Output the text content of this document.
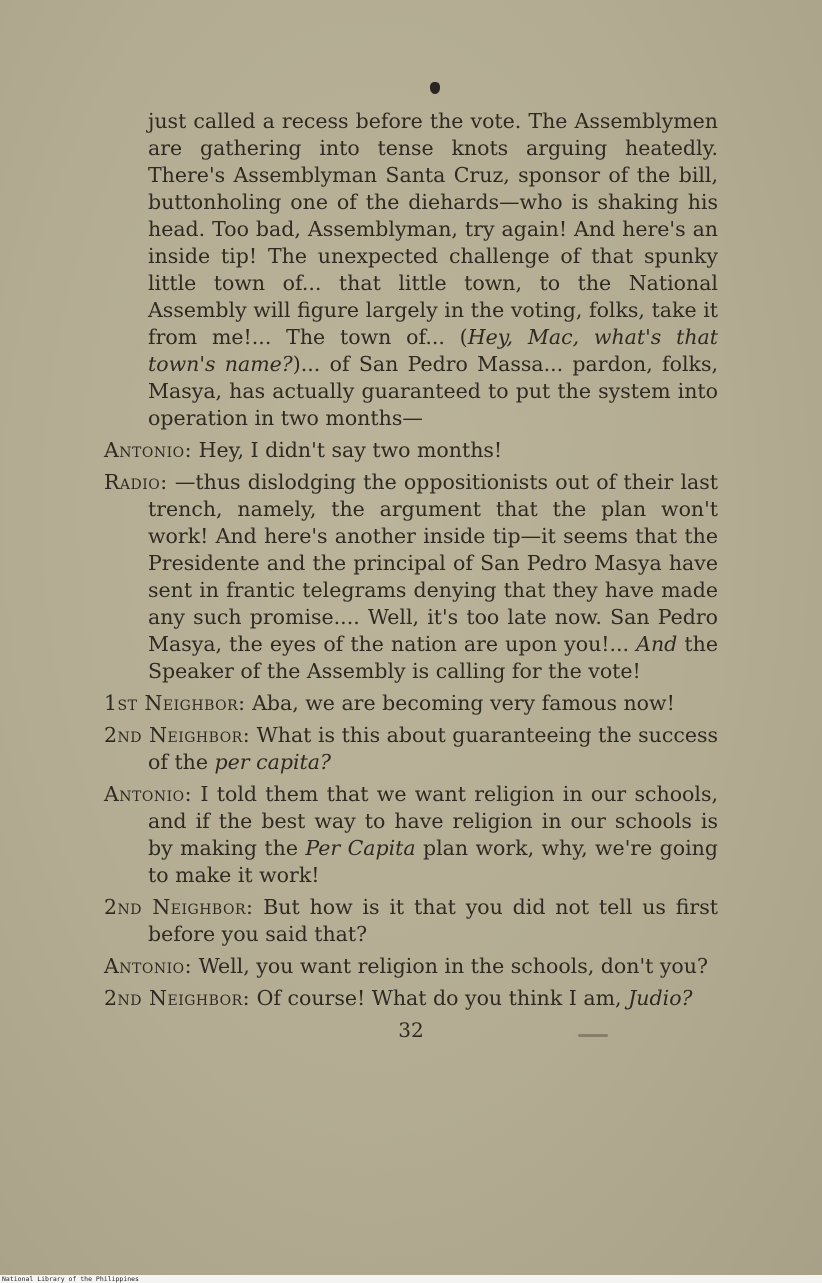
just called a recess before the vote. The Assemblymen are gathering into tense knots arguing heatedly. There's Assemblyman Santa Cruz, sponsor of the bill, buttonholing one of the diehards—who is shaking his head. Too bad, Assemblyman, try again! And here's an inside tip! The unexpected challenge of that spunky little town of... that little town, to the National Assembly will figure largely in the voting, folks, take it from me!... The town of... (Hey, Mac, what's that town's name?)... of San Pedro Massa... pardon, folks, Masya, has actually guaranteed to put the system into operation in two months—

Antonio: Hey, I didn't say two months!

Radio: —thus dislodging the oppositionists out of their last trench, namely, the argument that the plan won't work! And here's another inside tip—it seems that the Presidente and the principal of San Pedro Masya have sent in frantic telegrams denying that they have made any such promise.... Well, it's too late now. San Pedro Masya, the eyes of the nation are upon you!... And the Speaker of the Assembly is calling for the vote!

1st Neighbor: Aba, we are becoming very famous now!

2nd Neighbor: What is this about guaranteeing the success of the per capita?

Antonio: I told them that we want religion in our schools, and if the best way to have religion in our schools is by making the Per Capita plan work, why, we're going to make it work!

2nd Neighbor: But how is it that you did not tell us first before you said that?

Antonio: Well, you want religion in the schools, don't you?

2nd Neighbor: Of course! What do you think I am, Judio?

32
National Library of the Philippines
